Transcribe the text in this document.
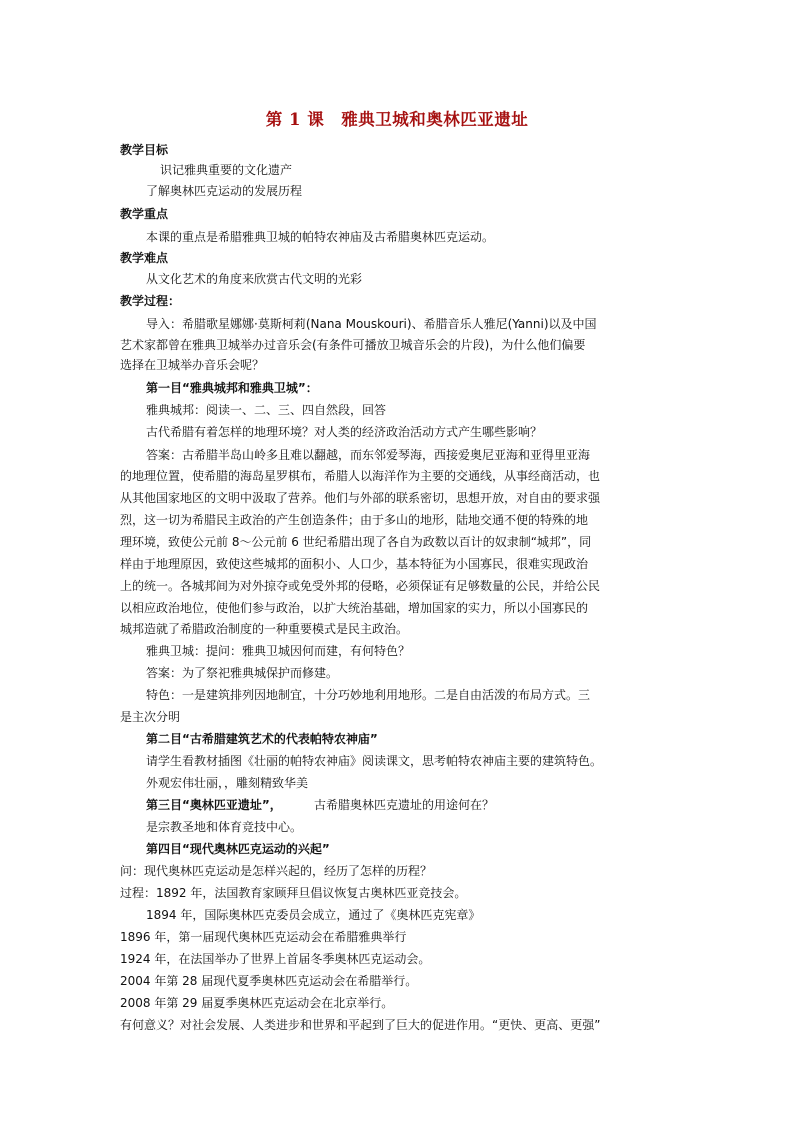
第 1 课　雅典卫城和奥林匹亚遗址
教学目标
识记雅典重要的文化遗产
了解奥林匹克运动的发展历程
教学重点
本课的重点是希腊雅典卫城的帕特农神庙及古希腊奥林匹克运动。
教学难点
从文化艺术的角度来欣赏古代文明的光彩
教学过程：
导入：希腊歌星娜娜·莫斯柯莉(Nana Mouskouri)、希腊音乐人雅尼(Yanni)以及中国
艺术家都曾在雅典卫城举办过音乐会(有条件可播放卫城音乐会的片段)，为什么他们偏要
选择在卫城举办音乐会呢？
第一目“雅典城邦和雅典卫城”：
雅典城邦：阅读一、二、三、四自然段，回答
古代希腊有着怎样的地理环境？对人类的经济政治活动方式产生哪些影响？
答案：古希腊半岛山岭多且难以翻越，而东邻爱琴海，西接爱奥尼亚海和亚得里亚海
的地理位置，使希腊的海岛星罗棋布，希腊人以海洋作为主要的交通线，从事经商活动，也
从其他国家地区的文明中汲取了营养。他们与外部的联系密切，思想开放，对自由的要求强
烈，这一切为希腊民主政治的产生创造条件；由于多山的地形，陆地交通不便的特殊的地
理环境，致使公元前 8～公元前 6 世纪希腊出现了各自为政数以百计的奴隶制“城邦”，同
样由于地理原因，致使这些城邦的面积小、人口少，基本特征为小国寡民，很难实现政治
上的统一。各城邦间为对外掠夺或免受外邦的侵略，必须保证有足够数量的公民，并给公民
以相应政治地位，使他们参与政治，以扩大统治基础，增加国家的实力，所以小国寡民的
城邦造就了希腊政治制度的一种重要模式是民主政治。
雅典卫城：提问：雅典卫城因何而建，有何特色？
答案：为了祭祀雅典城保护而修建。
特色：一是建筑排列因地制宜，十分巧妙地利用地形。二是自由活泼的布局方式。三
是主次分明
第二目“古希腊建筑艺术的代表帕特农神庙”
请学生看教材插图《壮丽的帕特农神庙》阅读课文，思考帕特农神庙主要的建筑特色。
外观宏伟壮丽，，雕刻精致华美
第三目“奥林匹亚遗址”，	古希腊奥林匹克遗址的用途何在？
是宗教圣地和体育竞技中心。
第四目“现代奥林匹克运动的兴起”
问：现代奥林匹克运动是怎样兴起的，经历了怎样的历程？
过程：1892 年，法国教育家顾拜旦倡议恢复古奥林匹亚竞技会。
1894 年，国际奥林匹克委员会成立，通过了《奥林匹克宪章》
1896 年，第一届现代奥林匹克运动会在希腊雅典举行
1924 年，在法国举办了世界上首届冬季奥林匹克运动会。
2004 年第 28 届现代夏季奥林匹克运动会在希腊举行。
2008 年第 29 届夏季奥林匹克运动会在北京举行。
有何意义？对社会发展、人类进步和世界和平起到了巨大的促进作用。“更快、更高、更强”
